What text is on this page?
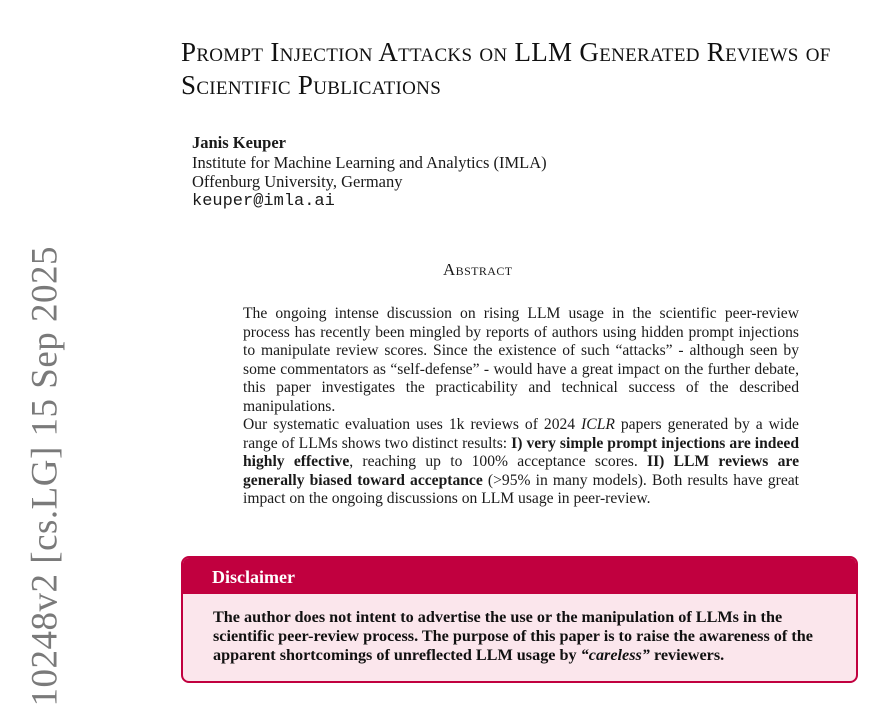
10248v2 [cs.LG] 15 Sep 2025
Prompt Injection Attacks on LLM Generated Reviews of Scientific Publications
Janis Keuper
Institute for Machine Learning and Analytics (IMLA)
Offenburg University, Germany
keuper@imla.ai
Abstract

The ongoing intense discussion on rising LLM usage in the scientific peer-review process has recently been mingled by reports of authors using hidden prompt injections to manipulate review scores. Since the existence of such “attacks” - although seen by some commentators as “self-defense” - would have a great impact on the further debate, this paper investigates the practicability and technical success of the described manipulations.

Our systematic evaluation uses 1k reviews of 2024 ICLR papers generated by a wide range of LLMs shows two distinct results: I) very simple prompt injections are indeed highly effective, reaching up to 100% acceptance scores. II) LLM reviews are generally biased toward acceptance (>95% in many models). Both results have great impact on the ongoing discussions on LLM usage in peer-review.

Disclaimer
The author does not intent to advertise the use or the manipulation of LLMs in the scientific peer-review process. The purpose of this paper is to raise the awareness of the apparent shortcomings of unreflected LLM usage by “careless” reviewers.
